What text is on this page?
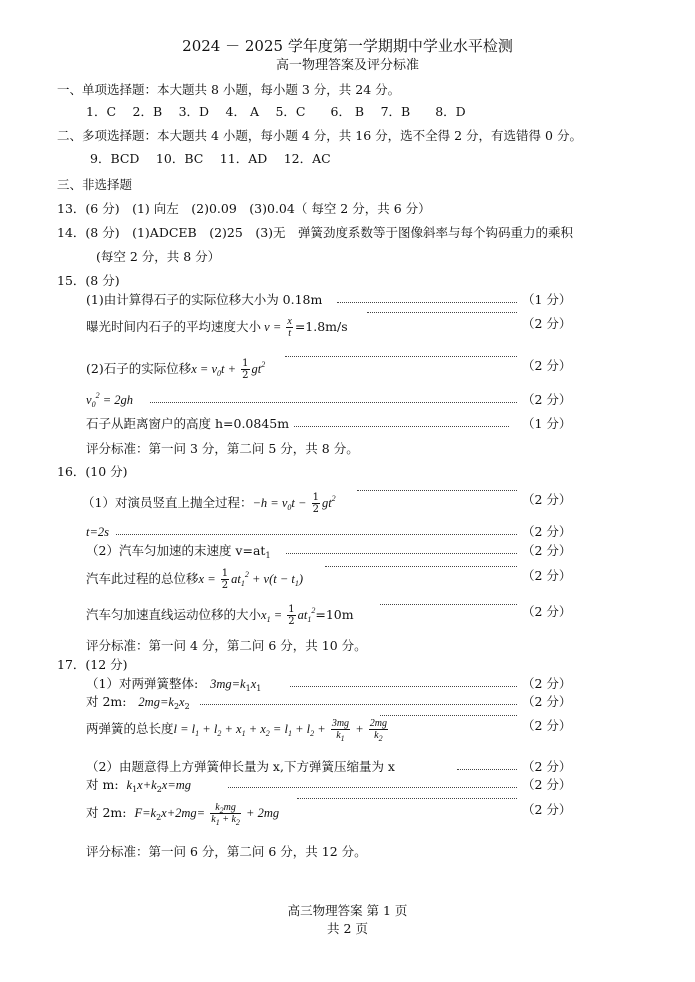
2024 － 2025 学年度第一学期期中学业水平检测
高一物理答案及评分标准
一、单项选择题：本大题共 8 小题，每小题 3 分，共 24 分。
1．C　 2．B　 3．D　 4． A　 5．C　　6． B　 7．B　　8．D
二、多项选择题：本大题共 4 小题，每小题 4 分，共 16 分，选不全得 2 分，有选错得 0 分。
9．BCD　 10．BC　 11．AD　 12．AC
三、非选择题
13．(6 分)　(1) 向左　(2)0.09　(3)0.04（ 每空 2 分，共 6 分）
14．(8 分)　(1)ADCEB　(2)25　(3)无　弹簧劲度系数等于图像斜率与每个钩码重力的乘积
(每空 2 分，共 8 分）
15．(8 分)
(1)由计算得石子的实际位移大小为 0.18m	（1 分）
曝光时间内石子的平均速度大小 $v = \frac{x}{t} =1.8m/s$	（2 分）
(2)石子的实际位移$x = v_0t + \frac{1}{2} gt^2$	（2 分）
$v_0^2 = 2gh$	（2 分）
石子从距离窗户的高度 h=0.0845m	（1 分）
评分标准：第一问 3 分，第二问 5 分，共 8 分。
16．(10 分)
（1）对演员竖直上抛全过程：$-h = v_0t - \frac{1}{2} gt^2$	（2 分）
t=2s	（2 分）
（2）汽车匀加速的末速度 $v=at_1$	（2 分）
汽车此过程的总位移$x = \frac{1}{2} at_1^2 + v(t - t_1)$	（2 分）
汽车匀加速直线运动位移的大小$x_1 = \frac{1}{2} at_1^2=10m$	（2 分）
评分标准：第一问 4 分，第二问 6 分，共 10 分。
17．(12 分)
（1）对两弹簧整体: $3mg=k_1x_1$	（2 分）
对 2m: $2mg=k_2x_2$	（2 分）
两弹簧的总长度$l = l_1 + l_2 + x_1 + x_2 = l_1 + l_2 + \frac{3mg}{k_1} + \frac{2mg}{k_2}$	（2 分）
（2）由题意得上方弹簧伸长量为 x,下方弹簧压缩量为 x	（2 分）
对 m: $k_1x+k_2x=mg$	（2 分）
对 2m: $F=k_2x+2mg= \frac{k_2mg}{k_1 + k_2} + 2mg$	（2 分）
评分标准：第一问 6 分，第二问 6 分，共 12 分。
高三物理答案 第 1 页
共 2 页
